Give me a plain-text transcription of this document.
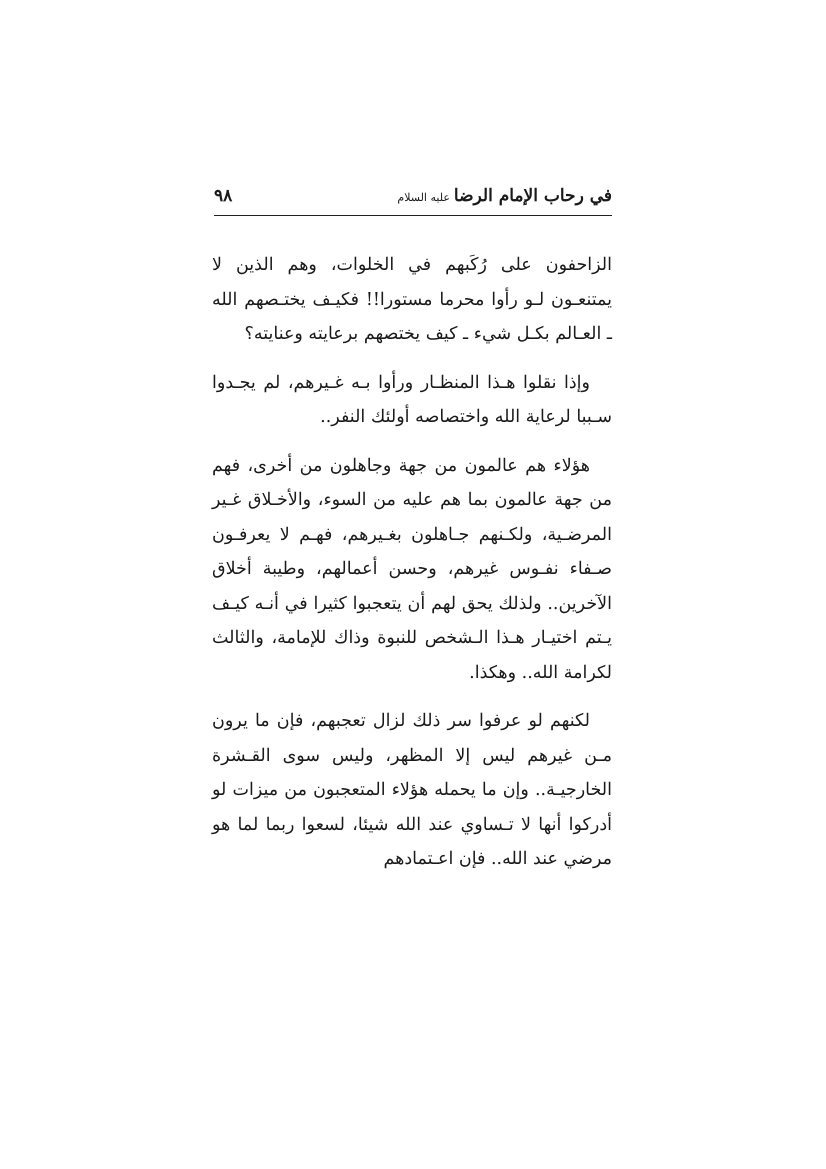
في رحاب الإمام الرضاعليه السلام
٩٨

الزاحفون على رُكَبهم في الخلوات، وهم الذين لا يمتنعـون لـو رأوا محرما مستورا!! فكيـف يختـصهم الله ـ العـالم بكـل شيء ـ كيف يختصهم برعايته وعنايته؟

وإذا نقلوا هـذا المنظـار ورأوا بـه غـيرهم، لم يجـدوا سـببا لرعاية الله واختصاصه أولئك النفر..

هؤلاء هم عالمون من جهة وجاهلون من أخرى، فهم من جهة عالمون بما هم عليه من السوء، والأخـلاق غـير المرضـية، ولكـنهم جـاهلون بغـيرهم، فهـم لا يعرفـون صـفاء نفـوس غيرهم، وحسن أعمالهم، وطيبة أخلاق الآخرين.. ولذلك يحق لهم أن يتعجبوا كثيرا في أنـه كيـف يـتم اختيـار هـذا الـشخص للنبوة وذاك للإمامة، والثالث لكرامة الله.. وهكذا.

لكنهم لو عرفوا سر ذلك لزال تعجبهم، فإن ما يرون مـن غيرهم ليس إلا المظهر، وليس سوى القـشرة الخارجيـة.. وإن ما يحمله هؤلاء المتعجبون من ميزات لو أدركوا أنها لا تـساوي عند الله شيئا، لسعوا ربما لما هو مرضي عند الله.. فإن اعـتمادهم
